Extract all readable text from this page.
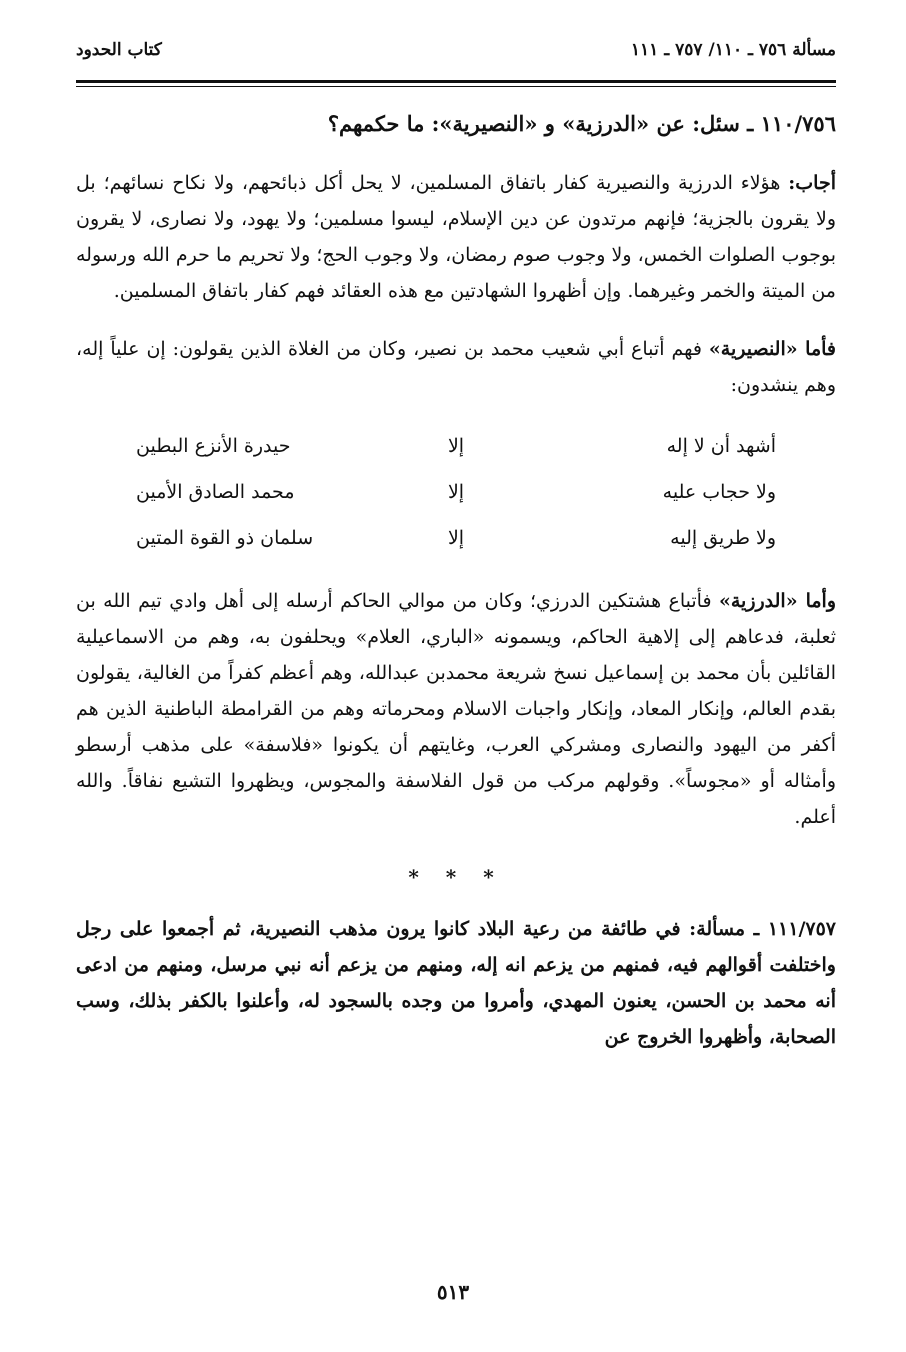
مسألة ٧٥٦ ـ ١١٠/ ٧٥٧ ـ ١١١
كتاب الحدود
١١٠/٧٥٦ ـ سئل: عن «الدرزية» و «النصيرية»: ما حكمهم؟

أجاب: هؤلاء الدرزية والنصيرية كفار باتفاق المسلمين، لا يحل أكل ذبائحهم، ولا نكاح نسائهم؛ بل ولا يقرون بالجزية؛ فإنهم مرتدون عن دين الإسلام، ليسوا مسلمين؛ ولا يهود، ولا نصارى، لا يقرون بوجوب الصلوات الخمس، ولا وجوب صوم رمضان، ولا وجوب الحج؛ ولا تحريم ما حرم الله ورسوله من الميتة والخمر وغيرهما. وإن أظهروا الشهادتين مع هذه العقائد فهم كفار باتفاق المسلمين.

فأما «النصيرية» فهم أتباع أبي شعيب محمد بن نصير، وكان من الغلاة الذين يقولون: إن علياً إله، وهم ينشدون:

أشهد أن لا إله
إلا
حيدرة الأنزع البطين
ولا حجاب عليه
إلا
محمد الصادق الأمين
ولا طريق إليه
إلا
سلمان ذو القوة المتين

وأما «الدرزية» فأتباع هشتكين الدرزي؛ وكان من موالي الحاكم أرسله إلى أهل وادي تيم الله بن ثعلبة، فدعاهم إلى إلاهية الحاكم، ويسمونه «الباري، العلام» ويحلفون به، وهم من الاسماعيلية القائلين بأن محمد بن إسماعيل نسخ شريعة محمدبن عبدالله، وهم أعظم كفراً من الغالية، يقولون بقدم العالم، وإنكار المعاد، وإنكار واجبات الاسلام ومحرماته وهم من القرامطة الباطنية الذين هم أكفر من اليهود والنصارى ومشركي العرب، وغايتهم أن يكونوا «فلاسفة» على مذهب أرسطو وأمثاله أو «مجوساً». وقولهم مركب من قول الفلاسفة والمجوس، ويظهروا التشيع نفاقاً. والله أعلم.

* * *

١١١/٧٥٧ ـ مسألة: في طائفة من رعية البلاد كانوا يرون مذهب النصيرية، ثم أجمعوا على رجل واختلفت أقوالهم فيه، فمنهم من يزعم انه إله، ومنهم من يزعم أنه نبي مرسل، ومنهم من ادعى أنه محمد بن الحسن، يعنون المهدي، وأمروا من وجده بالسجود له، وأعلنوا بالكفر بذلك، وسب الصحابة، وأظهروا الخروج عن

٥١٣
